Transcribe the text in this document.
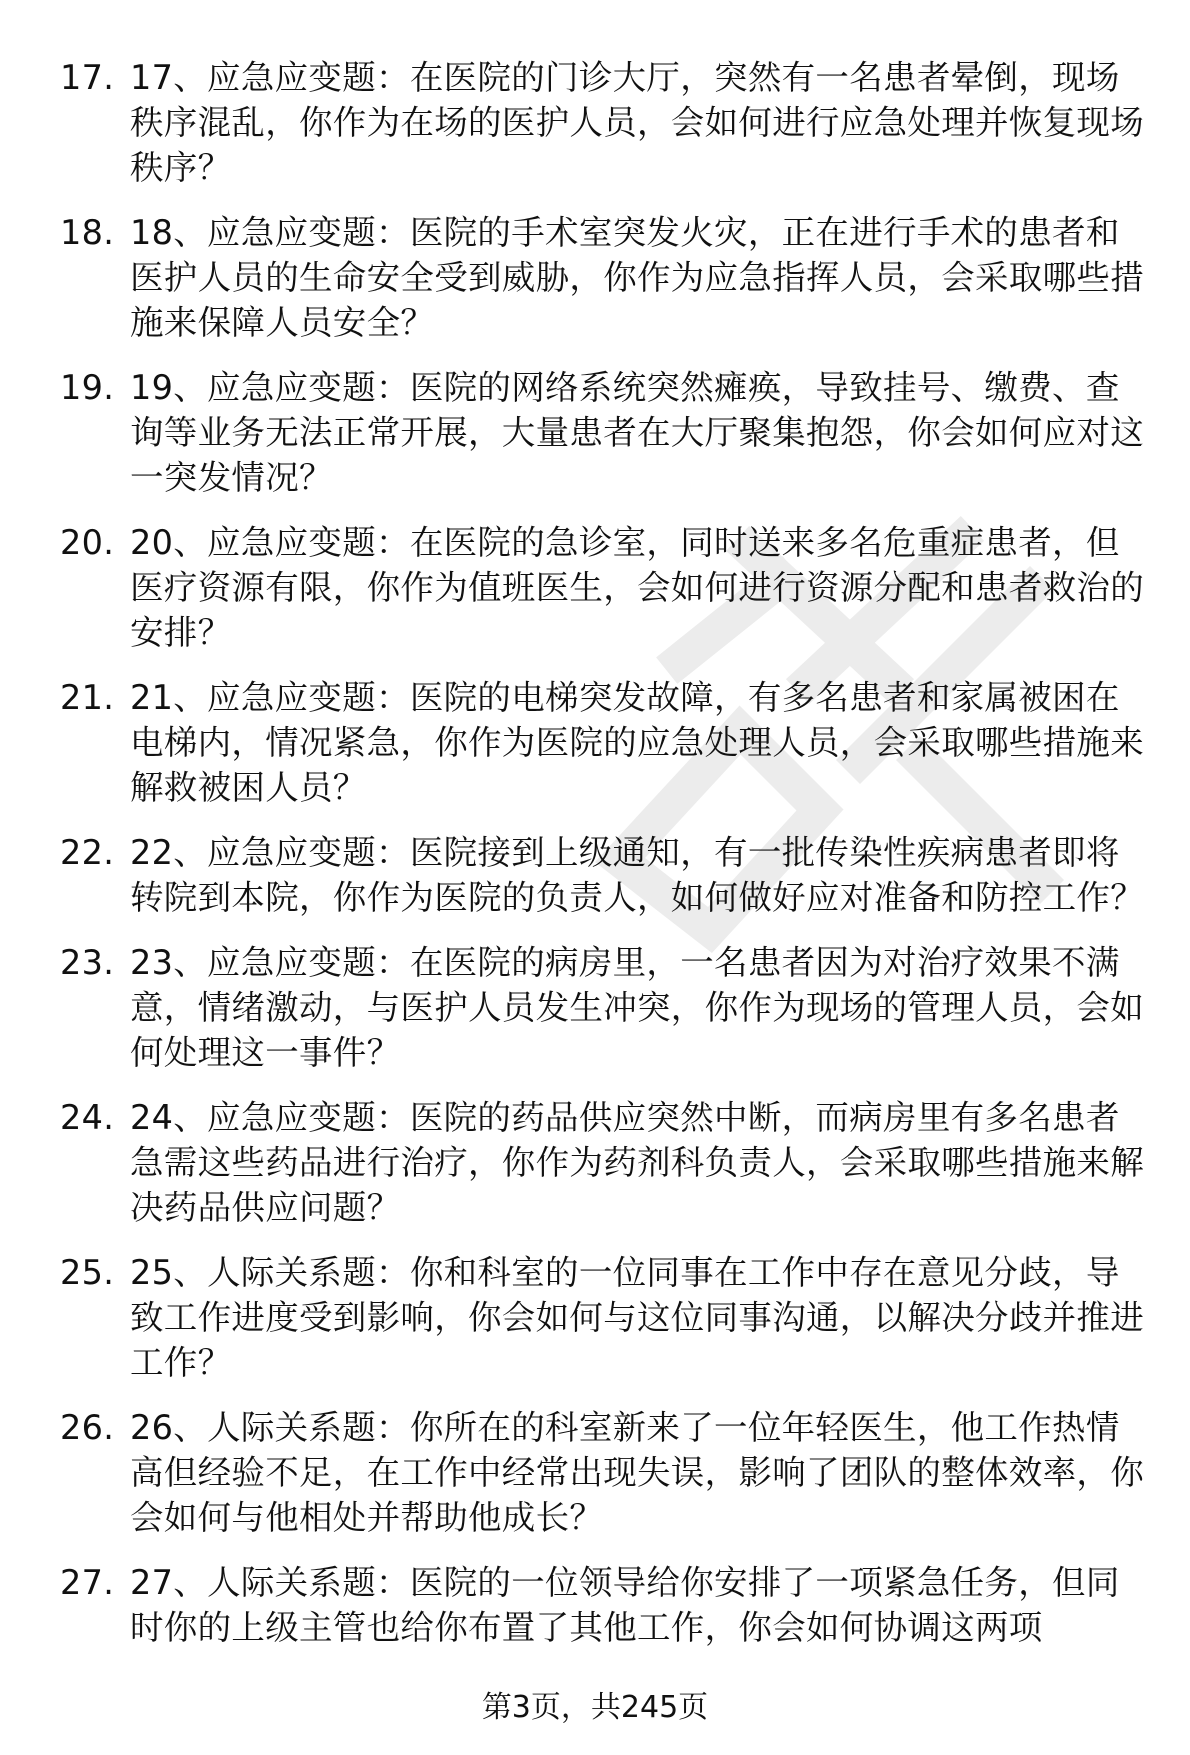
17. 17、应急应变题：在医院的门诊大厅，突然有一名患者晕倒，现场秩序混乱，你作为在场的医护人员，会如何进行应急处理并恢复现场秩序？
18. 18、应急应变题：医院的手术室突发火灾，正在进行手术的患者和医护人员的生命安全受到威胁，你作为应急指挥人员，会采取哪些措施来保障人员安全？
19. 19、应急应变题：医院的网络系统突然瘫痪，导致挂号、缴费、查询等业务无法正常开展，大量患者在大厅聚集抱怨，你会如何应对这一突发情况？
20. 20、应急应变题：在医院的急诊室，同时送来多名危重症患者，但医疗资源有限，你作为值班医生，会如何进行资源分配和患者救治的安排？
21. 21、应急应变题：医院的电梯突发故障，有多名患者和家属被困在电梯内，情况紧急，你作为医院的应急处理人员，会采取哪些措施来解救被困人员？
22. 22、应急应变题：医院接到上级通知，有一批传染性疾病患者即将转院到本院，你作为医院的负责人，如何做好应对准备和防控工作？
23. 23、应急应变题：在医院的病房里，一名患者因为对治疗效果不满意，情绪激动，与医护人员发生冲突，你作为现场的管理人员，会如何处理这一事件？
24. 24、应急应变题：医院的药品供应突然中断，而病房里有多名患者急需这些药品进行治疗，你作为药剂科负责人，会采取哪些措施来解决药品供应问题？
25. 25、人际关系题：你和科室的一位同事在工作中存在意见分歧，导致工作进度受到影响，你会如何与这位同事沟通，以解决分歧并推进工作？
26. 26、人际关系题：你所在的科室新来了一位年轻医生，他工作热情高但经验不足，在工作中经常出现失误，影响了团队的整体效率，你会如何与他相处并帮助他成长？
27. 27、人际关系题：医院的一位领导给你安排了一项紧急任务，但同时你的上级主管也给你布置了其他工作，你会如何协调这两项
第3页，共245页
